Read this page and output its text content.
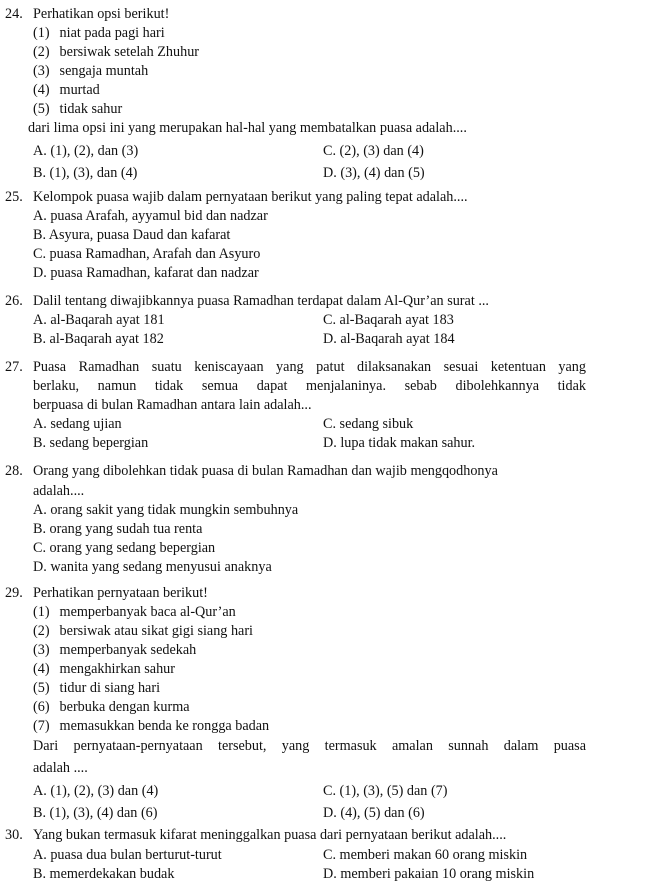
24. Perhatikan opsi berikut!
(1) niat pada pagi hari
(2) bersiwak setelah Zhuhur
(3) sengaja muntah
(4) murtad
(5) tidak sahur
dari lima opsi ini yang merupakan hal-hal yang membatalkan puasa adalah....
A. (1), (2), dan (3)	C. (2), (3) dan (4)
B. (1), (3), dan (4)	D. (3), (4) dan (5)
25. Kelompok puasa wajib dalam pernyataan berikut yang paling tepat adalah....
A. puasa Arafah, ayyamul bid dan nadzar
B. Asyura, puasa Daud dan kafarat
C. puasa Ramadhan, Arafah dan Asyuro
D. puasa Ramadhan, kafarat dan nadzar
26. Dalil tentang diwajibkannya puasa Ramadhan terdapat dalam Al-Qur’an surat ...
A. al-Baqarah ayat 181	C. al-Baqarah ayat 183
B. al-Baqarah ayat 182	D. al-Baqarah ayat 184
27. Puasa Ramadhan suatu keniscayaan yang patut dilaksanakan sesuai ketentuan yang
berlaku, namun tidak semua dapat menjalaninya. sebab dibolehkannya tidak
berpuasa di bulan Ramadhan antara lain adalah...
A. sedang ujian	C. sedang sibuk
B. sedang bepergian	D. lupa tidak makan sahur.
28. Orang yang dibolehkan tidak puasa di bulan Ramadhan dan wajib mengqodhonya
adalah....
A. orang sakit yang tidak mungkin sembuhnya
B. orang yang sudah tua renta
C. orang yang sedang bepergian
D. wanita yang sedang menyusui anaknya
29. Perhatikan pernyataan berikut!
(1) memperbanyak baca al-Qur’an
(2) bersiwak atau sikat gigi siang hari
(3) memperbanyak sedekah
(4) mengakhirkan sahur
(5) tidur di siang hari
(6) berbuka dengan kurma
(7) memasukkan benda ke rongga badan
Dari pernyataan-pernyataan tersebut, yang termasuk amalan sunnah dalam puasa
adalah ....
A. (1), (2), (3) dan (4)	C. (1), (3), (5) dan (7)
B. (1), (3), (4) dan (6)	D. (4), (5) dan (6)
30. Yang bukan termasuk kifarat meninggalkan puasa dari pernyataan berikut adalah....
A. puasa dua bulan berturut-turut	C. memberi makan 60 orang miskin
B. memerdekakan budak	D. memberi pakaian 10 orang miskin
